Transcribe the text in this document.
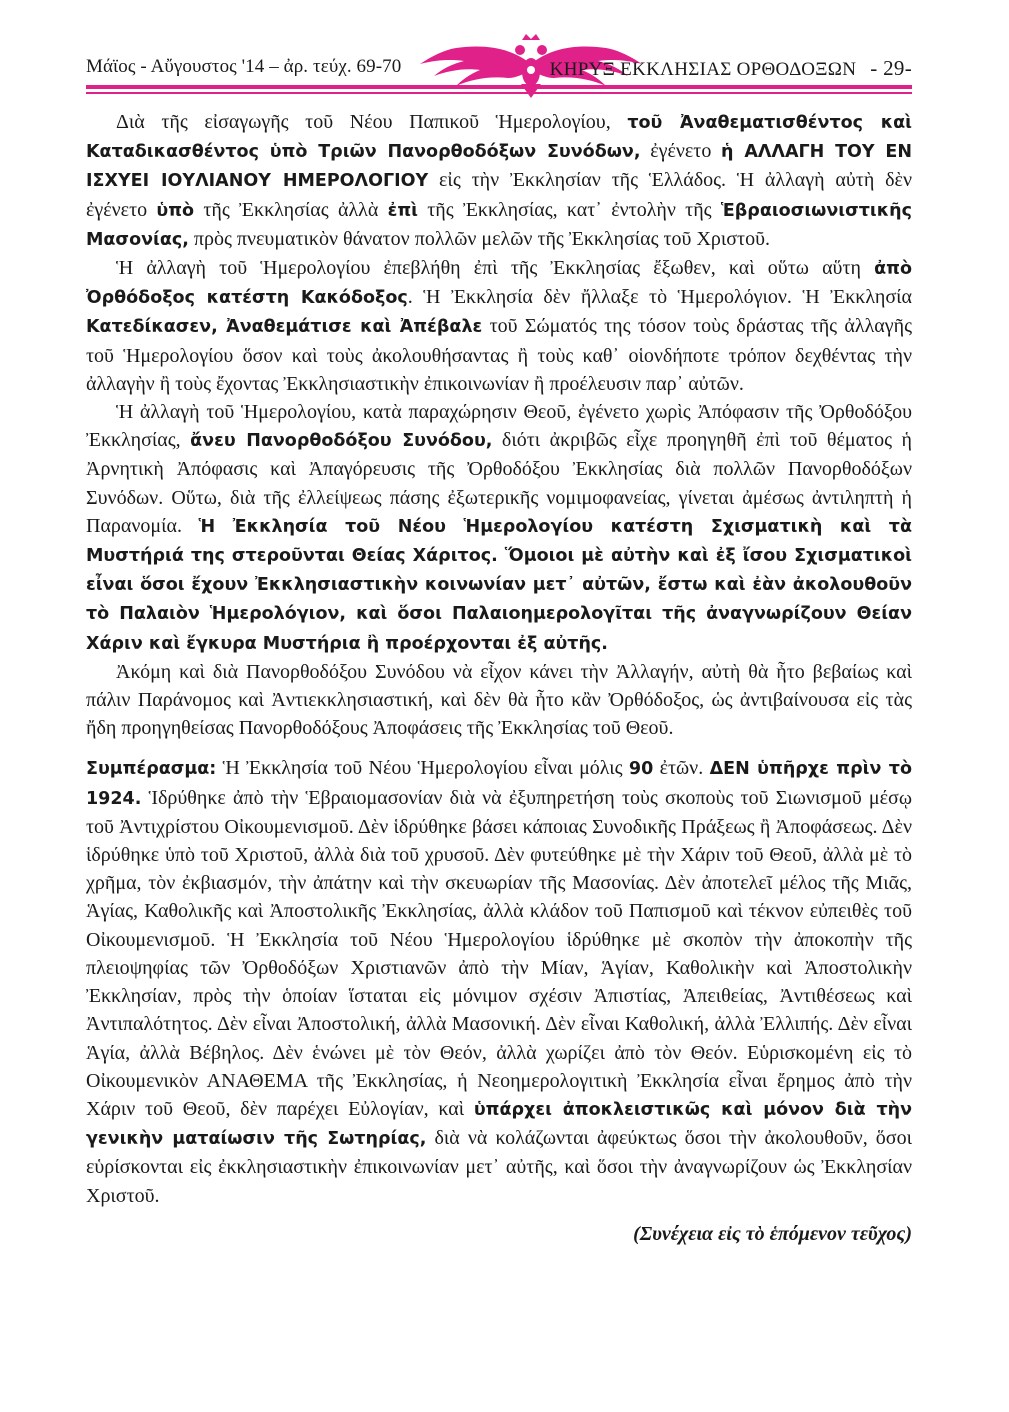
Μάϊος - Αὔγουστος '14 – ἀρ. τεύχ. 69-70	ΚΗΡΥΞ ΕΚΚΛΗΣΙΑΣ ΟΡΘΟΔΟΞΩΝ - 29-

Διὰ τῆς εἰσαγωγῆς τοῦ Νέου Παπικοῦ Ἡμερολογίου, τοῦ Ἀναθεματισθέντος καὶ Καταδικασθέντος ὑπὸ Τριῶν Πανορθοδόξων Συνόδων, ἐγένετο ἡ ΑΛΛΑΓΗ ΤΟΥ ΕΝ ΙΣΧΥΕΙ ΙΟΥΛΙΑΝΟΥ ΗΜΕΡΟΛΟΓΙΟΥ εἰς τὴν Ἐκκλησίαν τῆς Ἑλλάδος. Ἡ ἀλλαγὴ αὐτὴ δὲν ἐγένετο ὑπὸ τῆς Ἐκκλησίας ἀλλὰ ἐπὶ τῆς Ἐκκλησίας, κατ᾽ ἐντολὴν τῆς Ἑβραιοσιωνιστικῆς Μασονίας, πρὸς πνευματικὸν θάνατον πολλῶν μελῶν τῆς Ἐκκλησίας τοῦ Χριστοῦ.

Ἡ ἀλλαγὴ τοῦ Ἡμερολογίου ἐπεβλήθη ἐπὶ τῆς Ἐκκλησίας ἔξωθεν, καὶ οὕτω αὕτη ἀπὸ Ὀρθόδοξος κατέστη Κακόδοξος. Ἡ Ἐκκλησία δὲν ἤλλαξε τὸ Ἡμερολόγιον. Ἡ Ἐκκλησία Κατεδίκασεν, Ἀναθεμάτισε καὶ Ἀπέβαλε τοῦ Σώματός της τόσον τοὺς δράστας τῆς ἀλλαγῆς τοῦ Ἡμερολογίου ὅσον καὶ τοὺς ἀκολουθήσαντας ἢ τοὺς καθ᾽ οἱονδήποτε τρόπον δεχθέντας τὴν ἀλλαγὴν ἢ τοὺς ἔχοντας Ἐκκλησιαστικὴν ἐπικοινωνίαν ἢ προέλευσιν παρ᾽ αὐτῶν.

Ἡ ἀλλαγὴ τοῦ Ἡμερολογίου, κατὰ παραχώρησιν Θεοῦ, ἐγένετο χωρὶς Ἀπόφασιν τῆς Ὀρθοδόξου Ἐκκλησίας, ἄνευ Πανορθοδόξου Συνόδου, διότι ἀκριβῶς εἶχε προηγηθῆ ἐπὶ τοῦ θέματος ἡ Ἀρνητικὴ Ἀπόφασις καὶ Ἀπαγόρευσις τῆς Ὀρθοδόξου Ἐκκλησίας διὰ πολλῶν Πανορθοδόξων Συνόδων. Οὕτω, διὰ τῆς ἐλλείψεως πάσης ἐξωτερικῆς νομιμοφανείας, γίνεται ἀμέσως ἀντιληπτὴ ἡ Παρανομία. Ἡ Ἐκκλησία τοῦ Νέου Ἡμερολογίου κατέστη Σχισματικὴ καὶ τὰ Μυστήριά της στεροῦνται Θείας Χάριτος. Ὅμοιοι μὲ αὐτὴν καὶ ἐξ ἴσου Σχισματικοὶ εἶναι ὅσοι ἔχουν Ἐκκλησιαστικὴν κοινωνίαν μετ᾽ αὐτῶν, ἔστω καὶ ἐὰν ἀκολουθοῦν τὸ Παλαιὸν Ἡμερολόγιον, καὶ ὅσοι Παλαιοημερολογῖται τῆς ἀναγνωρίζουν Θείαν Χάριν καὶ ἔγκυρα Μυστήρια ἢ προέρχονται ἐξ αὐτῆς.

Ἀκόμη καὶ διὰ Πανορθοδόξου Συνόδου νὰ εἶχον κάνει τὴν Ἀλλαγήν, αὐτὴ θὰ ἦτο βεβαίως καὶ πάλιν Παράνομος καὶ Ἀντιεκκλησιαστική, καὶ δὲν θὰ ἦτο κἂν Ὀρθόδοξος, ὡς ἀντιβαίνουσα εἰς τὰς ἤδη προηγηθείσας Πανορθοδόξους Ἀποφάσεις τῆς Ἐκκλησίας τοῦ Θεοῦ.

Συμπέρασμα: Ἡ Ἐκκλησία τοῦ Νέου Ἡμερολογίου εἶναι μόλις 90 ἐτῶν. ΔΕΝ ὑπῆρχε πρὶν τὸ 1924. Ἱδρύθηκε ἀπὸ τὴν Ἑβραιομασονίαν διὰ νὰ ἐξυπηρετήση τοὺς σκοποὺς τοῦ Σιωνισμοῦ μέσῳ τοῦ Ἀντιχρίστου Οἰκουμενισμοῦ. Δὲν ἱδρύθηκε βάσει κάποιας Συνοδικῆς Πράξεως ἢ Ἀποφάσεως. Δὲν ἱδρύθηκε ὑπὸ τοῦ Χριστοῦ, ἀλλὰ διὰ τοῦ χρυσοῦ. Δὲν φυτεύθηκε μὲ τὴν Χάριν τοῦ Θεοῦ, ἀλλὰ μὲ τὸ χρῆμα, τὸν ἐκβιασμόν, τὴν ἀπάτην καὶ τὴν σκευωρίαν τῆς Μασονίας. Δὲν ἀποτελεῖ μέλος τῆς Μιᾶς, Ἁγίας, Καθολικῆς καὶ Ἀποστολικῆς Ἐκκλησίας, ἀλλὰ κλάδον τοῦ Παπισμοῦ καὶ τέκνον εὐπειθὲς τοῦ Οἰκουμενισμοῦ. Ἡ Ἐκκλησία τοῦ Νέου Ἡμερολογίου ἱδρύθηκε μὲ σκοπὸν τὴν ἀποκοπὴν τῆς πλειοψηφίας τῶν Ὀρθοδόξων Χριστιανῶν ἀπὸ τὴν Μίαν, Ἁγίαν, Καθολικὴν καὶ Ἀποστολικὴν Ἐκκλησίαν, πρὸς τὴν ὁποίαν ἵσταται εἰς μόνιμον σχέσιν Ἀπιστίας, Ἀπειθείας, Ἀντιθέσεως καὶ Ἀντιπαλότητος. Δὲν εἶναι Ἀποστολική, ἀλλὰ Μασονική. Δὲν εἶναι Καθολική, ἀλλὰ Ἐλλιπής. Δὲν εἶναι Ἁγία, ἀλλὰ Βέβηλος. Δὲν ἑνώνει μὲ τὸν Θεόν, ἀλλὰ χωρίζει ἀπὸ τὸν Θεόν. Εὑρισκομένη εἰς τὸ Οἰκουμενικὸν ΑΝΑΘΕΜΑ τῆς Ἐκκλησίας, ἡ Νεοημερολογιτικὴ Ἐκκλησία εἶναι ἔρημος ἀπὸ τὴν Χάριν τοῦ Θεοῦ, δὲν παρέχει Εὐλογίαν, καὶ ὑπάρχει ἀποκλειστικῶς καὶ μόνον διὰ τὴν γενικὴν ματαίωσιν τῆς Σωτηρίας, διὰ νὰ κολάζωνται ἀφεύκτως ὅσοι τὴν ἀκολουθοῦν, ὅσοι εὑρίσκονται εἰς ἐκκλησιαστικὴν ἐπικοινωνίαν μετ᾽ αὐτῆς, καὶ ὅσοι τὴν ἀναγνωρίζουν ὡς Ἐκκλησίαν Χριστοῦ.

(Συνέχεια εἰς τὸ ἑπόμενον τεῦχος)
